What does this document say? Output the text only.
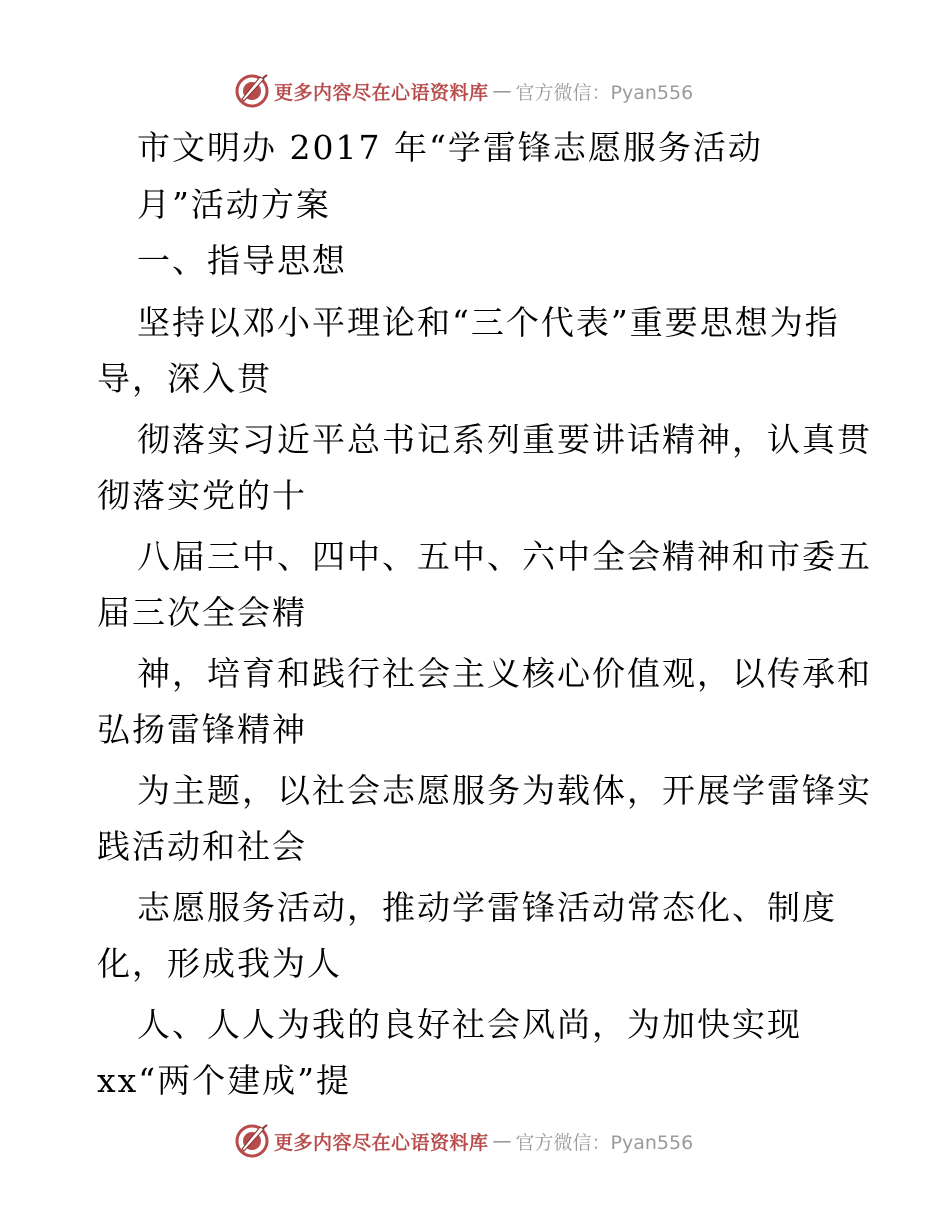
更多内容尽在心语资料库 — 官方微信：Pyan556
市文明办 2017 年“学雷锋志愿服务活动
月”活动方案
一、指导思想
坚持以邓小平理论和“三个代表”重要思想为指
导，深入贯
彻落实习近平总书记系列重要讲话精神，认真贯
彻落实党的十
八届三中、四中、五中、六中全会精神和市委五
届三次全会精
神，培育和践行社会主义核心价值观，以传承和
弘扬雷锋精神
为主题，以社会志愿服务为载体，开展学雷锋实
践活动和社会
志愿服务活动，推动学雷锋活动常态化、制度
化，形成我为人
人、人人为我的良好社会风尚，为加快实现
xx“两个建成”提
更多内容尽在心语资料库 — 官方微信：Pyan556
